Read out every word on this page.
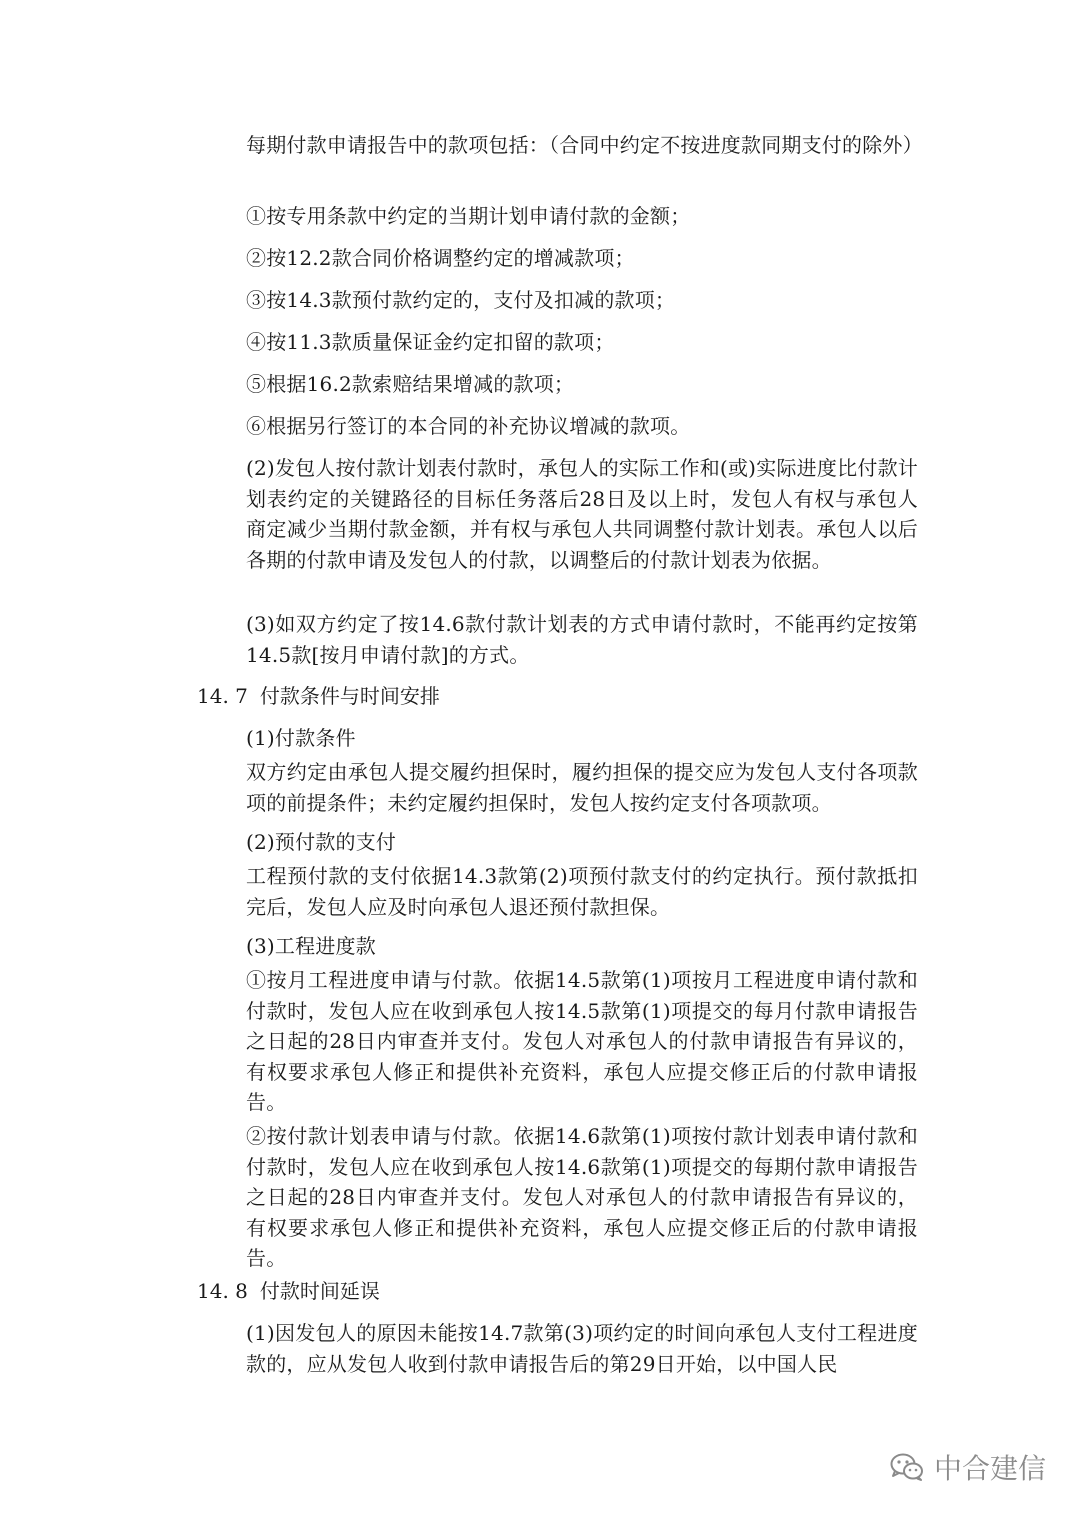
每期付款申请报告中的款项包括：（合同中约定不按进度款同期支付的除外）

①按专用条款中约定的当期计划申请付款的金额；

②按12.2款合同价格调整约定的增减款项；

③按14.3款预付款约定的，支付及扣减的款项；

④按11.3款质量保证金约定扣留的款项；

⑤根据16.2款索赔结果增减的款项；

⑥根据另行签订的本合同的补充协议增减的款项。

(2)发包人按付款计划表付款时，承包人的实际工作和(或)实际进度比付款计划表约定的关键路径的目标任务落后28日及以上时，发包人有权与承包人商定减少当期付款金额，并有权与承包人共同调整付款计划表。承包人以后各期的付款申请及发包人的付款，以调整后的付款计划表为依据。

(3)如双方约定了按14.6款付款计划表的方式申请付款时，不能再约定按第14.5款[按月申请付款]的方式。

14. 7 付款条件与时间安排

(1)付款条件

双方约定由承包人提交履约担保时，履约担保的提交应为发包人支付各项款项的前提条件；未约定履约担保时，发包人按约定支付各项款项。

(2)预付款的支付

工程预付款的支付依据14.3款第(2)项预付款支付的约定执行。预付款抵扣完后，发包人应及时向承包人退还预付款担保。

(3)工程进度款

①按月工程进度申请与付款。依据14.5款第(1)项按月工程进度申请付款和付款时，发包人应在收到承包人按14.5款第(1)项提交的每月付款申请报告之日起的28日内审查并支付。发包人对承包人的付款申请报告有异议的，有权要求承包人修正和提供补充资料，承包人应提交修正后的付款申请报告。

②按付款计划表申请与付款。依据14.6款第(1)项按付款计划表申请付款和付款时，发包人应在收到承包人按14.6款第(1)项提交的每期付款申请报告之日起的28日内审查并支付。发包人对承包人的付款申请报告有异议的，有权要求承包人修正和提供补充资料，承包人应提交修正后的付款申请报告。

14. 8 付款时间延误

(1)因发包人的原因未能按14.7款第(3)项约定的时间向承包人支付工程进度款的，应从发包人收到付款申请报告后的第29日开始，以中国人民

中合建信
